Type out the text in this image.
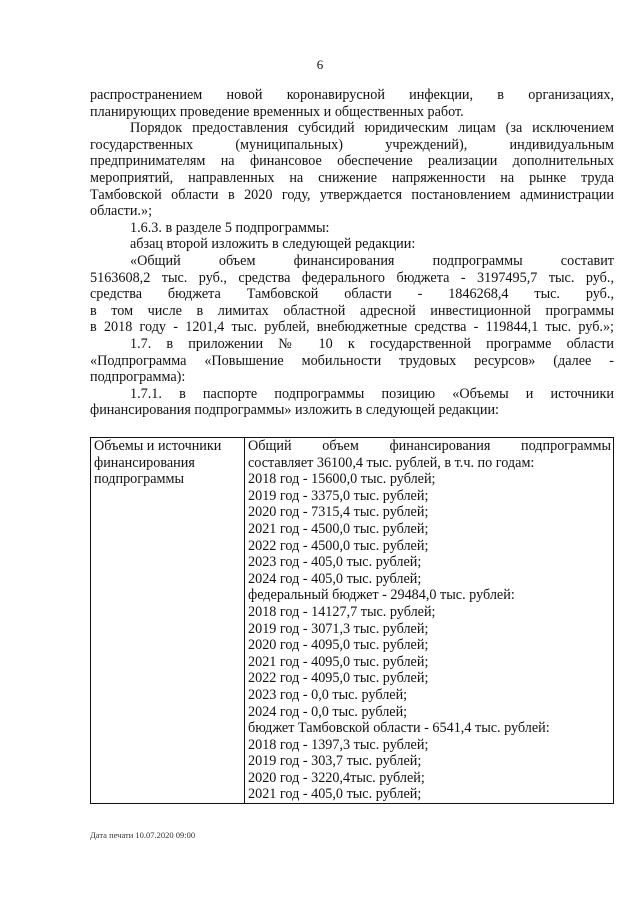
6

распространением новой коронавирусной инфекции, в организациях,

планирующих проведение временных и общественных работ.

Порядок предоставления субсидий юридическим лицам (за исключением

государственных (муниципальных) учреждений), индивидуальным

предпринимателям на финансовое обеспечение реализации дополнительных

мероприятий, направленных на снижение напряженности на рынке труда

Тамбовской области в 2020 году, утверждается постановлением администрации

области.»;

1.6.3. в разделе 5 подпрограммы:

абзац второй изложить в следующей редакции:

«Общий объем финансирования подпрограммы составит

5163608,2 тыс. руб., средства федерального бюджета - 3197495,7 тыс. руб.,

средства бюджета Тамбовской области - 1846268,4 тыс. руб.,

в том числе в лимитах областной адресной инвестиционной программы

в 2018 году - 1201,4 тыс. рублей, внебюджетные средства - 119844,1 тыс. руб.»;

1.7. в приложении № 10 к государственной программе области

«Подпрограмма «Повышение мобильности трудовых ресурсов» (далее -

подпрограмма):

1.7.1. в паспорте подпрограммы позицию «Объемы и источники

финансирования подпрограммы» изложить в следующей редакции:

Объемы и источники
финансирования
подпрограммы

Общий объем финансирования подпрограммы
составляет 36100,4 тыс. рублей, в т.ч. по годам:
2018 год - 15600,0 тыс. рублей;
2019 год - 3375,0 тыс. рублей;
2020 год - 7315,4 тыс. рублей;
2021 год - 4500,0 тыс. рублей;
2022 год - 4500,0 тыс. рублей;
2023 год - 405,0 тыс. рублей;
2024 год - 405,0 тыс. рублей;
федеральный бюджет - 29484,0 тыс. рублей:
2018 год - 14127,7 тыс. рублей;
2019 год - 3071,3 тыс. рублей;
2020 год - 4095,0 тыс. рублей;
2021 год - 4095,0 тыс. рублей;
2022 год - 4095,0 тыс. рублей;
2023 год - 0,0 тыс. рублей;
2024 год - 0,0 тыс. рублей;
бюджет Тамбовской области - 6541,4 тыс. рублей:
2018 год - 1397,3 тыс. рублей;
2019 год - 303,7 тыс. рублей;
2020 год - 3220,4тыс. рублей;
2021 год - 405,0 тыс. рублей;
Дата печати 10.07.2020 09:00
